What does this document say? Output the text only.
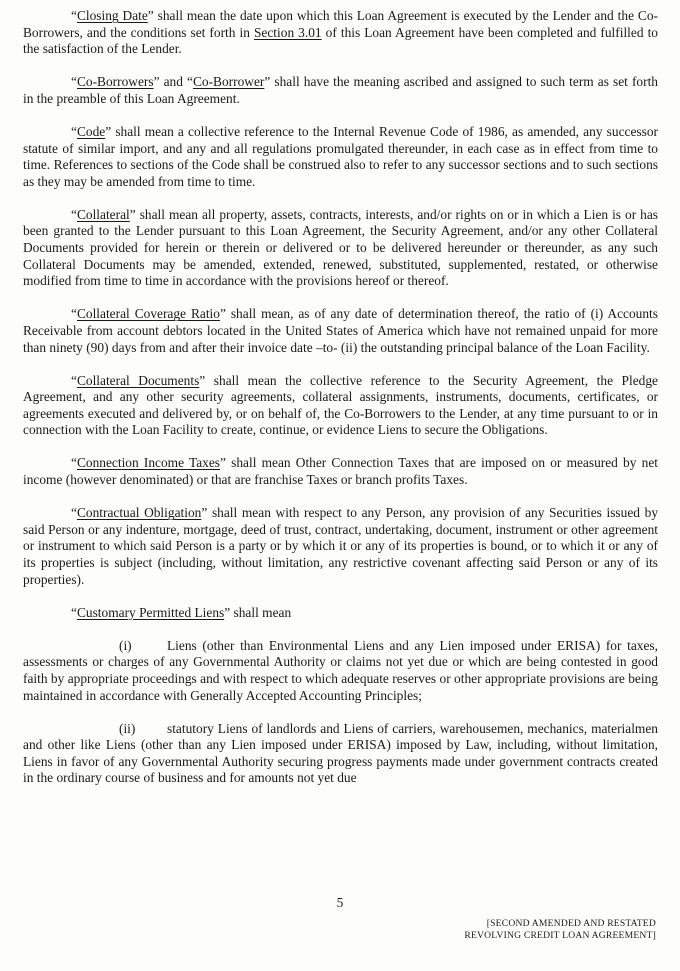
“Closing Date” shall mean the date upon which this Loan Agreement is executed by the Lender and the Co-Borrowers, and the conditions set forth in Section 3.01 of this Loan Agreement have been completed and fulfilled to the satisfaction of the Lender.

“Co-Borrowers” and “Co-Borrower” shall have the meaning ascribed and assigned to such term as set forth in the preamble of this Loan Agreement.

“Code” shall mean a collective reference to the Internal Revenue Code of 1986, as amended, any successor statute of similar import, and any and all regulations promulgated thereunder, in each case as in effect from time to time. References to sections of the Code shall be construed also to refer to any successor sections and to such sections as they may be amended from time to time.

“Collateral” shall mean all property, assets, contracts, interests, and/or rights on or in which a Lien is or has been granted to the Lender pursuant to this Loan Agreement, the Security Agreement, and/or any other Collateral Documents provided for herein or therein or delivered or to be delivered hereunder or thereunder, as any such Collateral Documents may be amended, extended, renewed, substituted, supplemented, restated, or otherwise modified from time to time in accordance with the provisions hereof or thereof.

“Collateral Coverage Ratio” shall mean, as of any date of determination thereof, the ratio of (i) Accounts Receivable from account debtors located in the United States of America which have not remained unpaid for more than ninety (90) days from and after their invoice date –to- (ii) the outstanding principal balance of the Loan Facility.

“Collateral Documents” shall mean the collective reference to the Security Agreement, the Pledge Agreement, and any other security agreements, collateral assignments, instruments, documents, certificates, or agreements executed and delivered by, or on behalf of, the Co-Borrowers to the Lender, at any time pursuant to or in connection with the Loan Facility to create, continue, or evidence Liens to secure the Obligations.

“Connection Income Taxes” shall mean Other Connection Taxes that are imposed on or measured by net income (however denominated) or that are franchise Taxes or branch profits Taxes.

“Contractual Obligation” shall mean with respect to any Person, any provision of any Securities issued by said Person or any indenture, mortgage, deed of trust, contract, undertaking, document, instrument or other agreement or instrument to which said Person is a party or by which it or any of its properties is bound, or to which it or any of its properties is subject (including, without limitation, any restrictive covenant affecting said Person or any of its properties).

“Customary Permitted Liens” shall mean

(i)	Liens (other than Environmental Liens and any Lien imposed under ERISA) for taxes, assessments or charges of any Governmental Authority or claims not yet due or which are being contested in good faith by appropriate proceedings and with respect to which adequate reserves or other appropriate provisions are being maintained in accordance with Generally Accepted Accounting Principles;

(ii) statutory Liens of landlords and Liens of carriers, warehousemen, mechanics, materialmen and other like Liens (other than any Lien imposed under ERISA) imposed by Law, including, without limitation, Liens in favor of any Governmental Authority securing progress payments made under government contracts created in the ordinary course of business and for amounts not yet due

5
[SECOND AMENDED AND RESTATED
REVOLVING CREDIT LOAN AGREEMENT]
